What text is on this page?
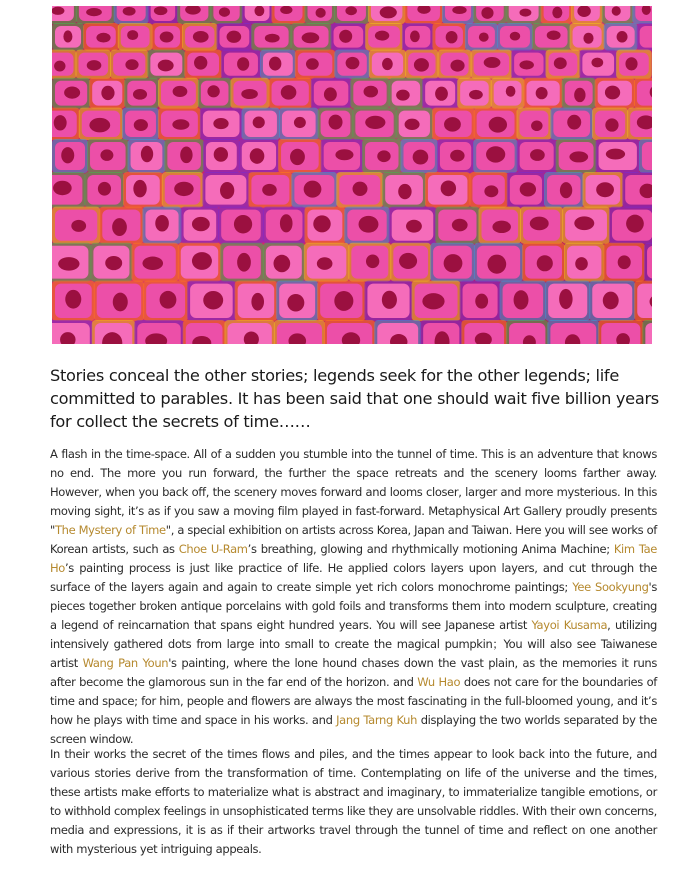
Stories conceal the other stories; legends seek for the other legends; life committed to parables. It has been said that one should wait five billion years for collect the secrets of time……

A flash in the time-space. All of a sudden you stumble into the tunnel of time. This is an adventure that knows no end. The more you run forward, the further the space retreats and the scenery looms farther away. However, when you back off, the scenery moves forward and looms closer, larger and more mysterious. In this moving sight, it’s as if you saw a moving film played in fast-forward. Metaphysical Art Gallery proudly presents "The Mystery of Time", a special exhibition on artists across Korea, Japan and Taiwan. Here you will see works of Korean artists, such as Choe U-Ram’s breathing, glowing and rhythmically motioning Anima Machine; Kim Tae Ho’s painting process is just like practice of life. He applied colors layers upon layers, and cut through the surface of the layers again and again to create simple yet rich colors monochrome paintings; Yee Sookyung's pieces together broken antique porcelains with gold foils and transforms them into modern sculpture, creating a legend of reincarnation that spans eight hundred years. You will see Japanese artist Yayoi Kusama, utilizing intensively gathered dots from large into small to create the magical pumpkin；You will also see Taiwanese artist Wang Pan Youn's painting, where the lone hound chases down the vast plain, as the memories it runs after become the glamorous sun in the far end of the horizon. and Wu Hao does not care for the boundaries of time and space; for him, people and flowers are always the most fascinating in the full-bloomed young, and it’s how he plays with time and space in his works. and Jang Tarng Kuh displaying the two worlds separated by the screen window.

In their works the secret of the times flows and piles, and the times appear to look back into the future, and various stories derive from the transformation of time. Contemplating on life of the universe and the times, these artists make efforts to materialize what is abstract and imaginary, to immaterialize tangible emotions, or to withhold complex feelings in unsophisticated terms like they are unsolvable riddles. With their own concerns, media and expressions, it is as if their artworks travel through the tunnel of time and reflect on one another with mysterious yet intriguing appeals.
